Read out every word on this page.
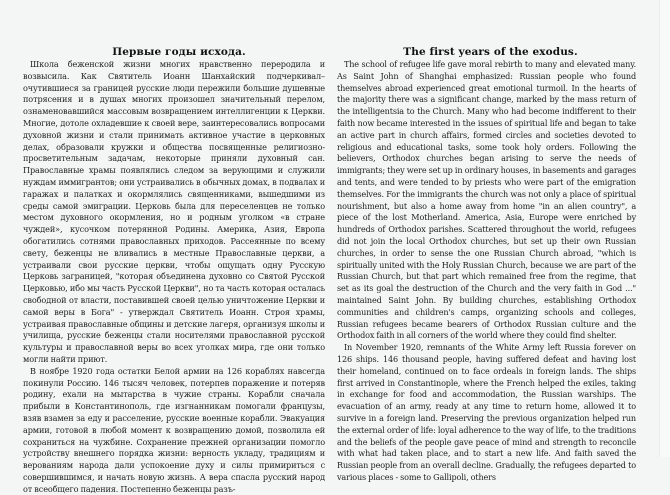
Первые годы исхода.

Школа беженской жизни многих нравственно переродила и возвысила. Как Святитель Иоанн Шанхайский подчеркивал– очутившиеся за границей русские люди пережили большие душевные потрясения и в душах многих произошел значительный перелом, ознаменовавшийся массовым возвращением интеллигенции к Церкви. Многие, дотоле охладевшие к своей вере, заинтересовались вопросами духовной жизни и стали принимать активное участие в церковных делах, образовали кружки и общества посвященные религиозно-просветительным задачам, некоторые приняли духовный сан. Православные храмы появлялись следом за верующими и служили нуждам иммигрантов; они устраивались в обычных домах, в подвалах и гаражах и палатках и окормлялись священниками, вышедшими из среды самой эмиграции. Церковь была для переселенцев не только местом духовного окормления, но и родным уголком «в стране чуждей», кусочком потерянной Родины. Америка, Азия, Европа обогатились сотнями православных приходов. Рассеянные по всему свету, беженцы не вливались в местные Православные церкви, а устраивали свои русские церкви, чтобы ощущать одну Русскую Церковь заграницей, "которая объединена духовно со Святой Русской Церковью, ибо мы часть Русской Церкви", но та часть которая осталась свободной от власти, поставившей своей целью уничтожение Церкви и самой веры в Бога" - утверждал Святитель Иоанн. Строя храмы, устраивая православные общины и детские лагеря, организуя школы и училища, русские беженцы стали носителями православной русской культуры и православной веры во всех уголках мира, где они только могли найти приют.

В ноябре 1920 года остатки Белой армии на 126 кораблях навсегда покинули Россию. 146 тысяч человек, потерпев поражение и потеряв родину, ехали на мытарства в чужие страны. Корабли сначала прибыли в Константинополь, где изгнанникам помогали французы, взяв взамен за еду и расселение, русские военные корабли. Эвакуация армии, готовой в любой момент к возвращению домой, позволила ей сохраниться на чужбине. Сохранение прежней организации помогло устройству внешнего порядка жизни: верность укладу, традициям и верованиям народа дали успокоение духу и силы примириться с совершившимся, и начать новую жизнь. А вера спасла русский народ от всеобщего падения. Постепенно беженцы разъ-

The first years of the exodus.

The school of refugee life gave moral rebirth to many and elevated many. As Saint John of Shanghai emphasized: Russian people who found themselves abroad experienced great emotional turmoil. In the hearts of the majority there was a significant change, marked by the mass return of the intelligentsia to the Church. Many who had become indifferent to their faith now became interested in the issues of spiritual life and began to take an active part in church affairs, formed circles and societies devoted to religious and educational tasks, some took holy orders. Following the believers, Orthodox churches began arising to serve the needs of immigrants; they were set up in ordinary houses, in basements and garages and tents, and were tended to by priests who were part of the emigration themselves. For the immigrants the church was not only a place of spiritual nourishment, but also a home away from home "in an alien country", a piece of the lost Motherland. America, Asia, Europe were enriched by hundreds of Orthodox parishes. Scattered throughout the world, refugees did not join the local Orthodox churches, but set up their own Russian churches, in order to sense the one Russian Church abroad, "which is spiritually united with the Holy Russian Church, because we are part of the Russian Church, but that part which remained free from the regime, that set as its goal the destruction of the Church and the very faith in God ..." maintained Saint John. By building churches, establishing Orthodox communities and children's camps, organizing schools and colleges, Russian refugees became bearers of Orthodox Russian culture and the Orthodox faith in all corners of the world where they could find shelter.

In November 1920, remnants of the White Army left Russia forever on 126 ships. 146 thousand people, having suffered defeat and having lost their homeland, continued on to face ordeals in foreign lands. The ships first arrived in Constantinople, where the French helped the exiles, taking in exchange for food and accommodation, the Russian warships. The evacuation of an army, ready at any time to return home, allowed it to survive in a foreign land. Preserving the previous organization helped run the external order of life: loyal adherence to the way of life, to the traditions and the beliefs of the people gave peace of mind and strength to reconcile with what had taken place, and to start a new life. And faith saved the Russian people from an overall decline. Gradually, the refugees departed to various places - some to Gallipoli, others
